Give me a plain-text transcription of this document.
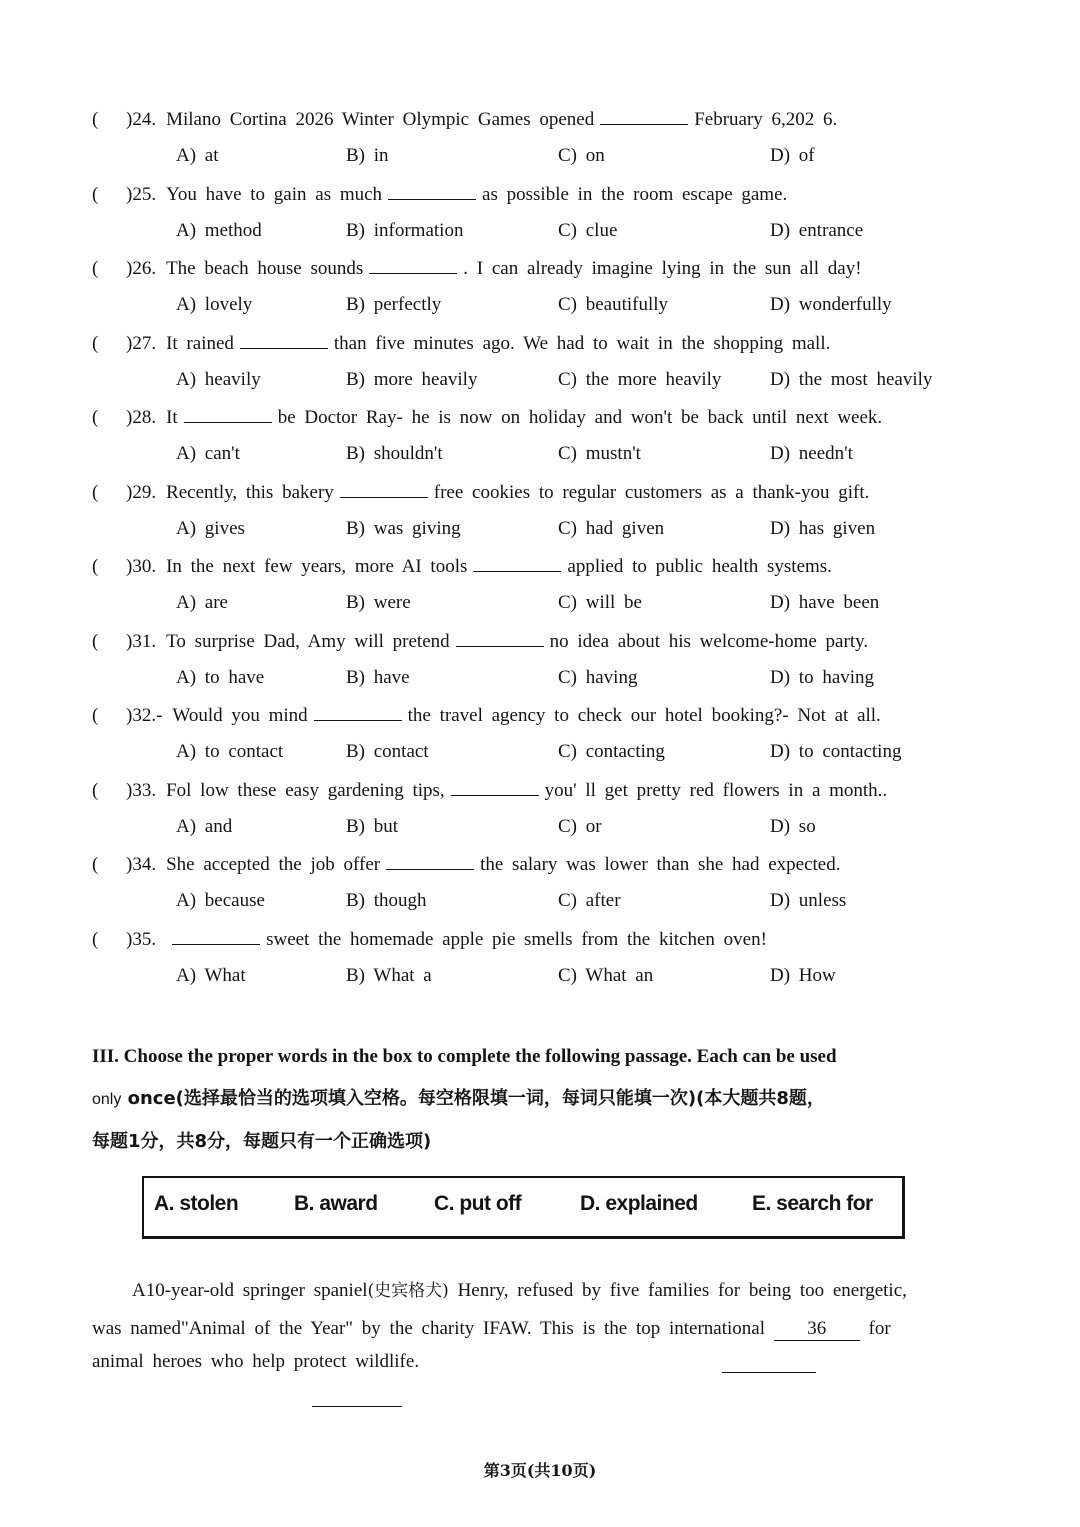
( )24. Milano Cortina 2026 Winter Olympic Games opened	February 6,202 6.
A) at	B) in	C) on	D) of
( )25. You have to gain as much	as possible in the room escape game.
A) method	B) information	C) clue	D) entrance
( )26. The beach house sounds	. I can already imagine lying in the sun all day!
A) lovely	B) perfectly	C) beautifully	D) wonderfully
( )27. It rained	than five minutes ago. We had to wait in the shopping mall.
A) heavily	B) more heavily	C) the more heavily	D) the most heavily
( )28. It	be Doctor Ray- he is now on holiday and won't be back until next week.
A) can't	B) shouldn't	C) mustn't	D) needn't
( )29. Recently, this bakery	free cookies to regular customers as a thank-you gift.
A) gives	B) was giving	C) had given	D) has given
( )30. In the next few years, more AI tools	applied to public health systems.
A) are	B) were	C) will be	D) have been
( )31. To surprise Dad, Amy will pretend	no idea about his welcome-home party.
A) to have	B) have	C) having	D) to having
( )32.- Would you mind	the travel agency to check our hotel booking?- Not at all.
A) to contact	B) contact	C) contacting	D) to contacting
( )33. Fol low these easy gardening tips,	you' ll get pretty red flowers in a month..
A) and	B) but	C) or	D) so
( )34. She accepted the job offer	the salary was lower than she had expected.
A) because	B) though	C) after	D) unless
( )35.	sweet the homemade apple pie smells from the kitchen oven!
A) What	B) What a	C) What an	D) How
III. Choose the proper words in the box to complete the following passage. Each can be used
only once(选择最恰当的选项填入空格。每空格限填一词，每词只能填一次)(本大题共8题，
每题1分，共8分，每题只有一个正确选项)
A. stolen	B. award	C. put off	D. explained	E. search for

A10-year-old springer spaniel(史宾格犬) Henry, refused by five families for being too energetic,

was named"Animal of the Year" by the charity IFAW. This is the top international 36 for

animal heroes who help protect wildlife.

第3页(共10页)
